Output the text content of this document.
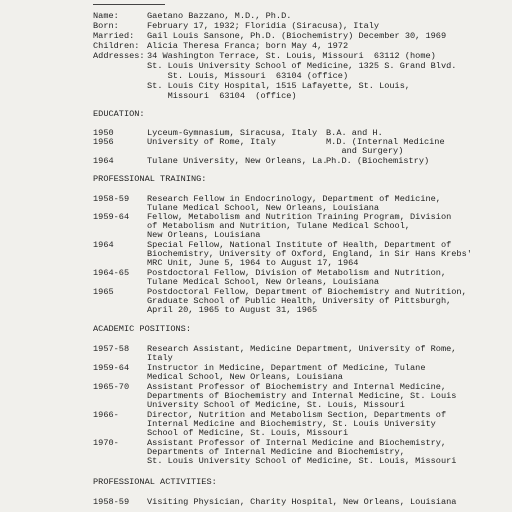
Name:	Gaetano Bazzano, M.D., Ph.D.
Born:	February 17, 1932; Floridia (Siracusa), Italy
Married: Gail Louis Sansone, Ph.D. (Biochemistry) December 30, 1969
Children: Alicia Theresa Franca; born May 4, 1972
Addresses: 34 Washington Terrace, St. Louis, Missouri  63112 (home)
St. Louis University School of Medicine, 1325 S. Grand Blvd.
St. Louis, Missouri  63104 (office)
St. Louis City Hospital, 1515 Lafayette, St. Louis,
Missouri  63104  (office)
EDUCATION:
1950	Lyceum-Gymnasium, Siracusa, Italy B.A. and H.
1956	University of Rome, Italy	M.D. (Internal Medicine
and Surgery)
1964	Tulane University, New Orleans, La.
Ph.D. (Biochemistry)
PROFESSIONAL TRAINING:
1958-59 Research Fellow in Endocrinology, Department of Medicine,
Tulane Medical School, New Orleans, Louisiana
1959-64 Fellow, Metabolism and Nutrition Training Program, Division
of Metabolism and Nutrition, Tulane Medical School,
New Orleans, Louisiana
1964	Special Fellow, National Institute of Health, Department of
Biochemistry, University of Oxford, England, in Sir Hans Krebs'
MRC Unit, June 5, 1964 to August 17, 1964
1964-65 Postdoctoral Fellow, Division of Metabolism and Nutrition,
Tulane Medical School, New Orleans, Louisiana
1965	Postdoctoral Fellow, Department of Biochemistry and Nutrition,
Graduate School of Public Health, University of Pittsburgh,
April 20, 1965 to August 31, 1965
ACADEMIC POSITIONS:
1957-58 Research Assistant, Medicine Department, University of Rome,
Italy
1959-64 Instructor in Medicine, Department of Medicine, Tulane
Medical School, New Orleans, Louisiana
1965-70 Assistant Professor of Biochemistry and Internal Medicine,
Departments of Biochemistry and Internal Medicine, St. Louis
University School of Medicine, St. Louis, Missouri
1966-	Director, Nutrition and Metabolism Section, Departments of
Internal Medicine and Biochemistry, St. Louis University
School of Medicine, St. Louis, Missouri
1970-	Assistant Professor of Internal Medicine and Biochemistry,
Departments of Internal Medicine and Biochemistry,
St. Louis University School of Medicine, St. Louis, Missouri
PROFESSIONAL ACTIVITIES:
1958-59 Visiting Physician, Charity Hospital, New Orleans, Louisiana
